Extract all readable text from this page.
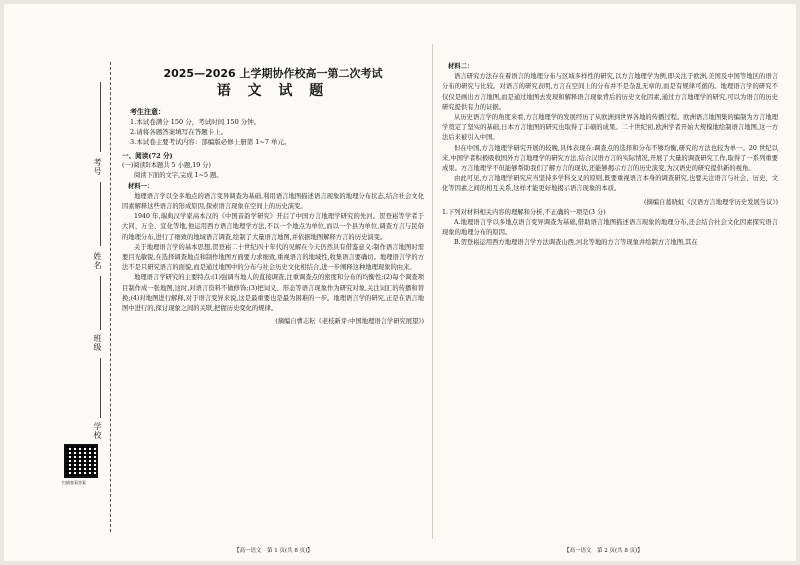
考号
姓名
班级
学校
扫描查看答案
2025—2026 上学期协作校高一第二次考试
语 文 试 题
考生注意：
1.本试卷满分 150 分，考试时间 150 分钟。
2.请将各题答案填写在答题卡上。
3.本试卷主要考试内容：部编版必修上册第 1~7 单元。
一、阅读(72 分)
(一)阅读Ⅰ(本题共 5 小题,19 分)
阅读下面的文字,完成 1~5 题。
材料一：

地理语言学以全多地点的语言变异调查为基础,利用语言地图描述语言现象的地理分布状态,结合社会文化因素解释这些语言的形成原因,探索语言现象在空间上的历史演变。

1940 年,瑞典汉学家高本汉的《中国音韵学研究》开启了中国方言地理学研究的先河。贺登崧等学者于大同、万全、宣化等地,他运用西方语言地理学方法,不以一个地点为单位,而以一个县为单位,调查方言与民俗的地理分布,进行了细致的地域语言调查,绘制了大量语言地图,并依据地图解释方言的历史演变。

关于地理语言学的基本思想,贺登崧二十世纪四十年代的见解在今天仍然具有借鉴意义:制作语言地图时需要目光敏锐,在选择调查地点和制作地图方面要力求细致,重视语言的地域性,收集语言要确切。地理语言学的方法不是只研究语言的面貌,而是通过地图中的分布与社会历史文化相结合,进一步阐释这种地理现象的由来。

地理语言学研究的主要特点:(1)强调当地人的直接调查,注重调查点的密度和分布的均衡性;(2)每个调查项目制作成一张地图,这时,对语言资料不做修饰;(3)把词义、形态等语言现象作为研究对象,关注词汇的传播和替换;(4)对地图进行解释,对于语言变异来说,这是最重要也是最为困难的一步。地理语言学的研究,正是在语言地图中进行的,探讨现象之间的关联,把握历史变化的规律。

(摘编自曹志耘《老枝新芽:中国地理语言学研究展望》)
材料二：

语言研究方法存在着语言的地理分布与区域多样性的研究,以方言地理学为例,即关注于欧洲,美国及中国等地区的语言分布的研究与比较。对语言的研究表明,方言在空间上的分布并不是杂乱无章的,而是有规律可循的。地理语言学的研究不仅仅是画出方言地图,而是通过地图去发现和解释语言现象背后的历史文化因素,通过方言地理学的研究,可以为语言的历史研究提供有力的证据。

从历史语言学的角度来看,方言地理学的发展经历了从欧洲到世界各地的传播过程。欧洲语言地图集的编制为方言地理学奠定了坚实的基础,日本方言地图的研究也取得了丰硕的成果。二十世纪初,欧洲学者开始大规模地绘制语言地图,这一方法后来被引入中国。

但在中国,方言地理学研究开展的较晚,具体表现在:调查点的选择和分布不够均衡,研究的方法也较为单一。20 世纪以来,中国学者积极吸收国外方言地理学的研究方法,结合汉语方言的实际情况,开展了大量的调查研究工作,取得了一系列重要成果。方言地理学不但能够帮助我们了解方言的现状,还能够揭示方言的历史演变,为汉语史的研究提供新的视角。

由此可见,方言地理学研究应当坚持多学科交叉的原则,既要重视语言本身的调查研究,也要关注语言与社会、历史、文化等因素之间的相互关系,这样才能更好地揭示语言现象的本质。

(摘编自葛晓虹《汉语方言地理学历史发展刍议》)
1.下列对材料相关内容的理解和分析,不正确的一项是(3 分)

A.地理语言学以多地点语言变异调查为基础,借助语言地图描述语言现象的地理分布,还会结合社会文化因素探究语言现象的地理分布的原因。

B.贺登崧运用西方地理语言学方法调查山西,河北等地的方言等现象并绘制方言地图,其在

【高一语文　第 1 页(共 8 页)】	【高一语文　第 2 页(共 8 页)】
